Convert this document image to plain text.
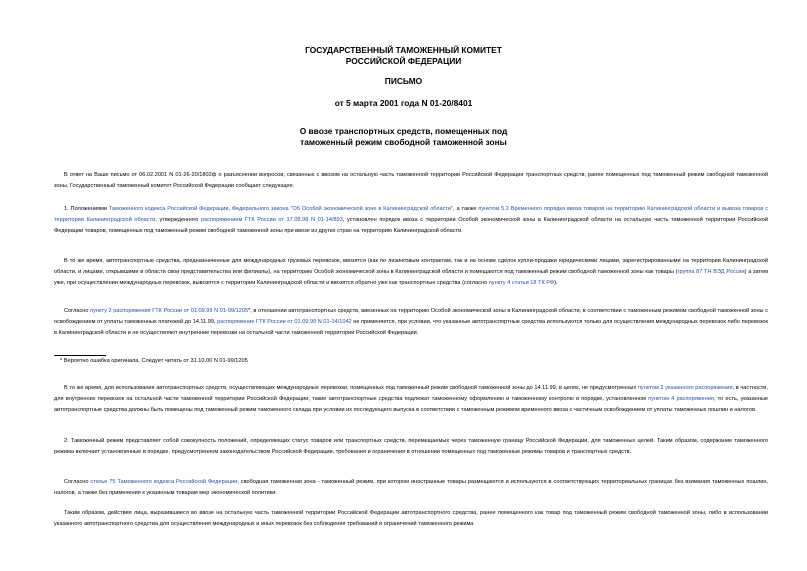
ГОСУДАРСТВЕННЫЙ ТАМОЖЕННЫЙ КОМИТЕТ
РОССИЙСКОЙ ФЕДЕРАЦИИ
ПИСЬМО
от 5 марта 2001 года N 01-20/8401
О ввозе транспортных средств, помещенных под
таможенный режим свободной таможенной зоны
В ответ на Ваше письмо от 06.02.2001 N 01-26-20/1802ф о разъяснении вопросов, связанных с ввозом на остальную часть таможенной территории Российской Федерации транспортных средств, ранее помещенных под таможенный режим свободной таможенной зоны, Государственный таможенный комитет Российской Федерации сообщает следующее.
1. Положениями Таможенного кодекса Российской Федерации, Федерального закона "Об Особой экономической зоне в Калининградской области", а также пунктом 5.2 Временного порядка ввоза товаров на территорию Калининградской области и вывоза товаров с территории Калининградской области, утвержденного распоряжением ГТК России от 17.09.98 N 01-14/893, установлен порядок ввоза с территории Особой экономической зоны в Калининградской области на остальную часть таможенной территории Российской Федерации товаров, помещенных под таможенный режим свободной таможенной зоны при ввозе из других стран на территорию Калининградской области.
В то же время, автотранспортные средства, предназначенные для международных грузовых перевозок, ввозятся (как по лизинговым контрактам, так и на основе сделок купли-продажи юридическими лицами, зарегистрированными на территории Калининградской области, и лицами, открывшими в области свои представительства или филиалы), на территорию Особой экономической зоны в Калининградской области и помещаются под таможенный режим свободной таможенной зоны как товары (группа 87 ТН ВЭД России) а затем уже, при осуществлении международных перевозок, вывозятся с территории Калининградской области и ввозятся обратно уже как транспортные средства (согласно пункту 4 статьи 18 ТК РФ).
Согласно пункту 2 распоряжения ГТК России от 01.09.99 N 01-99/1205*, в отношении автотранспортных средств, ввезенных на территорию Особой экономической зоны в Калининградской области, в соответствии с таможенным режимом свободной таможенной зоны с освобождением от уплаты таможенных платежей до 14.11.99, распоряжение ГТК России от 01.09.99 N 01-14/1042 не применяется, при условии, что указанные автотранспортные средства используются только для осуществления международных перевозок либо перевозок в Калининградской области и не осуществляют внутренние перевозки на остальной части таможенной территории Российской Федерации.
* Вероятно ошибка оригинала. Следует читать от 31.10.00 N 01-99/1205
В то же время, для использования автотранспортных средств, осуществляющих международные перевозки, помещенных под таможенный режим свободной таможенной зоны до 14.11.99, в целях, не предусмотренных пунктом 2 указанного распоряжения, в частности, для внутренних перевозок на остальной части таможенной территории Российской Федерации, такие автотранспортные средства подлежат таможенному оформлению и таможенному контролю в порядке, установленном пунктом 4 распоряжения, то есть, указанные автотранспортные средства должны быть помещены под таможенный режим таможенного склада при условии их последующего выпуска в соответствии с таможенным режимом временного ввоза с частичным освобождением от уплаты таможенных пошлин и налогов.
2. Таможенный режим представляет собой совокупность положений, определяющих статус товаров или транспортных средств, перемещаемых через таможенную границу Российской Федерации, для таможенных целей. Таким образом, содержание таможенного режима включает установленные в порядке, предусмотренном законодательством Российской Федерации, требования и ограничения в отношении помещенных под таможенные режимы товаров и транспортных средств.
Согласно статье 75 Таможенного кодекса Российской Федерации, свободная таможенная зона - таможенный режим, при котором иностранные товары размещаются и используются в соответствующих территориальных границах без взимания таможенных пошлин, налогов, а также без применения к указанным товарам мер экономической политики.
Таким образом, действия лица, выразившиеся во ввозе на остальную часть таможенной территории Российской Федерации автотранспортного средства, ранее помещенного как товар под таможенный режим свободной таможенной зоны, либо в использовании указанного автотранспортного средства для осуществления международных и иных перевозок без соблюдения требований и ограничений таможенного режима
